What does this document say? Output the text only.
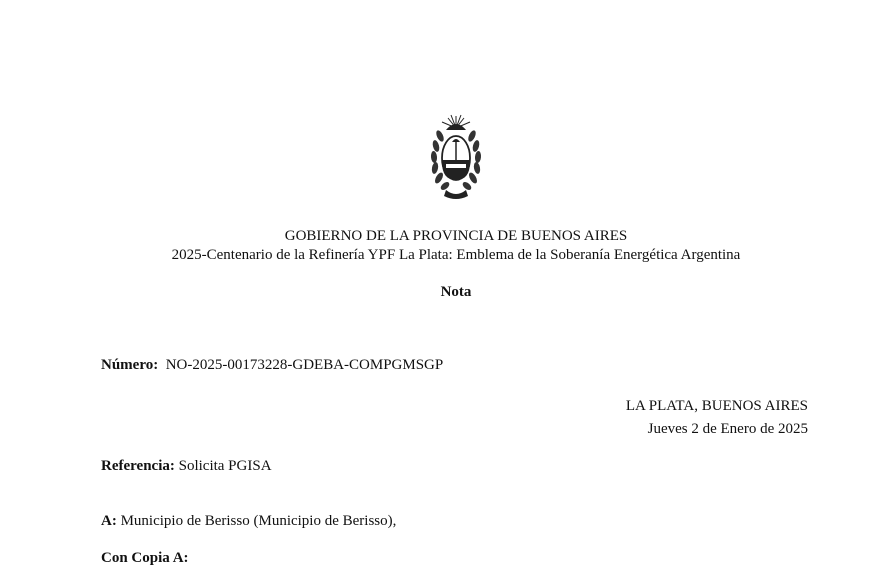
GOBIERNO DE LA PROVINCIA DE BUENOS AIRES
2025-Centenario de la Refinería YPF La Plata: Emblema de la Soberanía Energética Argentina
Nota
Número: NO-2025-00173228-GDEBA-COMPGMSGP
LA PLATA, BUENOS AIRES
Jueves 2 de Enero de 2025
Referencia: Solicita PGISA
A: Municipio de Berisso (Municipio de Berisso),
Con Copia A:
